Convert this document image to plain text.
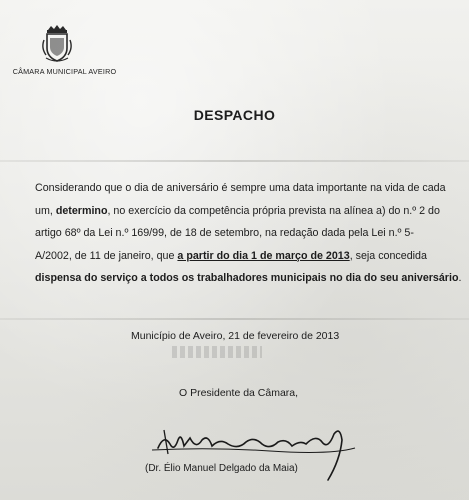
CÂMARA MUNICIPAL AVEIRO
DESPACHO
Considerando que o dia de aniversário é sempre uma data importante na vida de cada
um, determino, no exercício da competência própria prevista na alínea a) do n.º 2 do
artigo 68º da Lei n.º 169/99, de 18 de setembro, na redação dada pela Lei n.º 5-
A/2002, de 11 de janeiro, que a partir do dia 1 de março de 2013, seja concedida
dispensa do serviço a todos os trabalhadores municipais no dia do seu aniversário .
Município de Aveiro, 21 de fevereiro de 2013
O Presidente da Câmara,
(Dr. Élio Manuel Delgado da Maia)
